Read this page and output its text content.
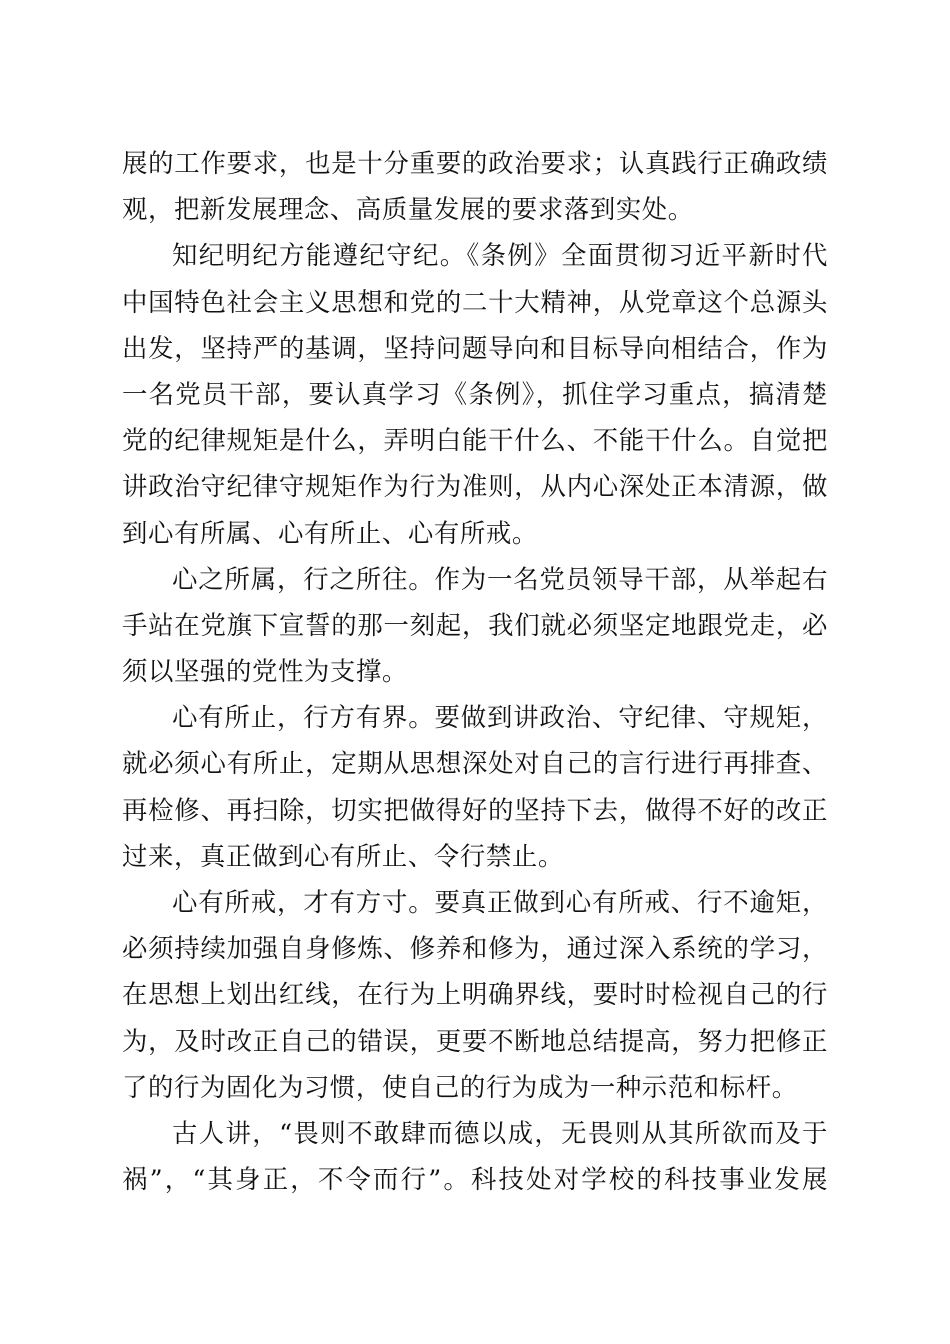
展的工作要求，也是十分重要的政治要求；认真践行正确政绩
观，把新发展理念、高质量发展的要求落到实处。
知纪明纪方能遵纪守纪。《条例》全面贯彻习近平新时代
中国特色社会主义思想和党的二十大精神，从党章这个总源头
出发，坚持严的基调，坚持问题导向和目标导向相结合，作为
一名党员干部，要认真学习《条例》，抓住学习重点，搞清楚
党的纪律规矩是什么，弄明白能干什么、不能干什么。自觉把
讲政治守纪律守规矩作为行为准则，从内心深处正本清源，做
到心有所属、心有所止、心有所戒。
心之所属，行之所往。作为一名党员领导干部，从举起右
手站在党旗下宣誓的那一刻起，我们就必须坚定地跟党走，必
须以坚强的党性为支撑。
心有所止，行方有界。要做到讲政治、守纪律、守规矩，
就必须心有所止，定期从思想深处对自己的言行进行再排查、
再检修、再扫除，切实把做得好的坚持下去，做得不好的改正
过来，真正做到心有所止、令行禁止。
心有所戒，才有方寸。要真正做到心有所戒、行不逾矩，
必须持续加强自身修炼、修养和修为，通过深入系统的学习，
在思想上划出红线，在行为上明确界线，要时时检视自己的行
为，及时改正自己的错误，更要不断地总结提高，努力把修正
了的行为固化为习惯，使自己的行为成为一种示范和标杆。
古人讲，“畏则不敢肆而德以成，无畏则从其所欲而及于
祸”，“其身正，不令而行”。科技处对学校的科技事业发展
